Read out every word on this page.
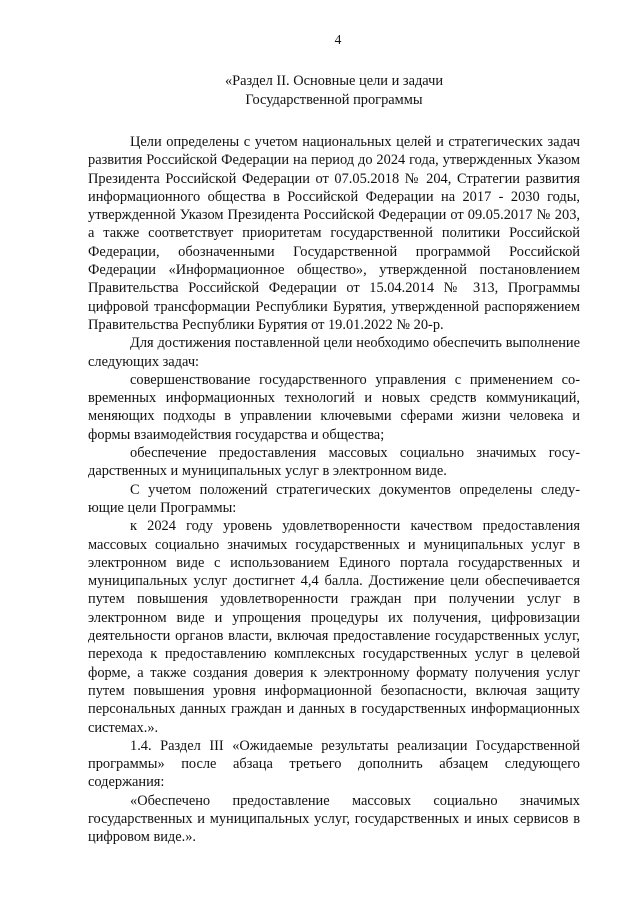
4
«Раздел II. Основные цели и задачи
Государственной программы

Цели определены с учетом национальных целей и стратегических задач развития Российской Федерации на период до 2024 года, утвержденных Указом Президента Российской Федерации от 07.05.2018 № 204, Стратегии развития информационного общества в Российской Федерации на 2017 - 2030 годы, утвержденной Указом Президента Российской Федерации от 09.05.2017 № 203, а также соответствует приоритетам государственной политики Российской Федерации, обозначенными Государственной программой Российской Федерации «Информационное общество», утвержденной постановлением Правительства Российской Федерации от 15.04.2014 № 313, Программы цифровой трансформации Республики Бурятия, утвержденной распоряжением Правительства Республики Бурятия от 19.01.2022 № 20-р.

Для достижения поставленной цели необходимо обеспечить выполнение следующих задач:

совершенствование государственного управления с применением современных информационных технологий и новых средств коммуникаций, меняющих подходы в управлении ключевыми сферами жизни человека и формы взаимодействия государства и общества;

обеспечение предоставления массовых социально значимых государственных и муниципальных услуг в электронном виде.

С учетом положений стратегических документов определены следующие цели Программы:

к 2024 году уровень удовлетворенности качеством предоставления массовых социально значимых государственных и муниципальных услуг в электронном виде с использованием Единого портала государственных и муниципальных услуг достигнет 4,4 балла. Достижение цели обеспечивается путем повышения удовлетворенности граждан при получении услуг в электронном виде и упрощения процедуры их получения, цифровизации деятельности органов власти, включая предоставление государственных услуг, перехода к предоставлению комплексных государственных услуг в целевой форме, а также создания доверия к электронному формату получения услуг путем повышения уровня информационной безопасности, включая защиту персональных данных граждан и данных в государственных информационных системах.».

1.4. Раздел III «Ожидаемые результаты реализации Государственной программы» после абзаца третьего дополнить абзацем следующего содержания:

«Обеспечено предоставление массовых социально значимых государственных и муниципальных услуг, государственных и иных сервисов в цифровом виде.».
